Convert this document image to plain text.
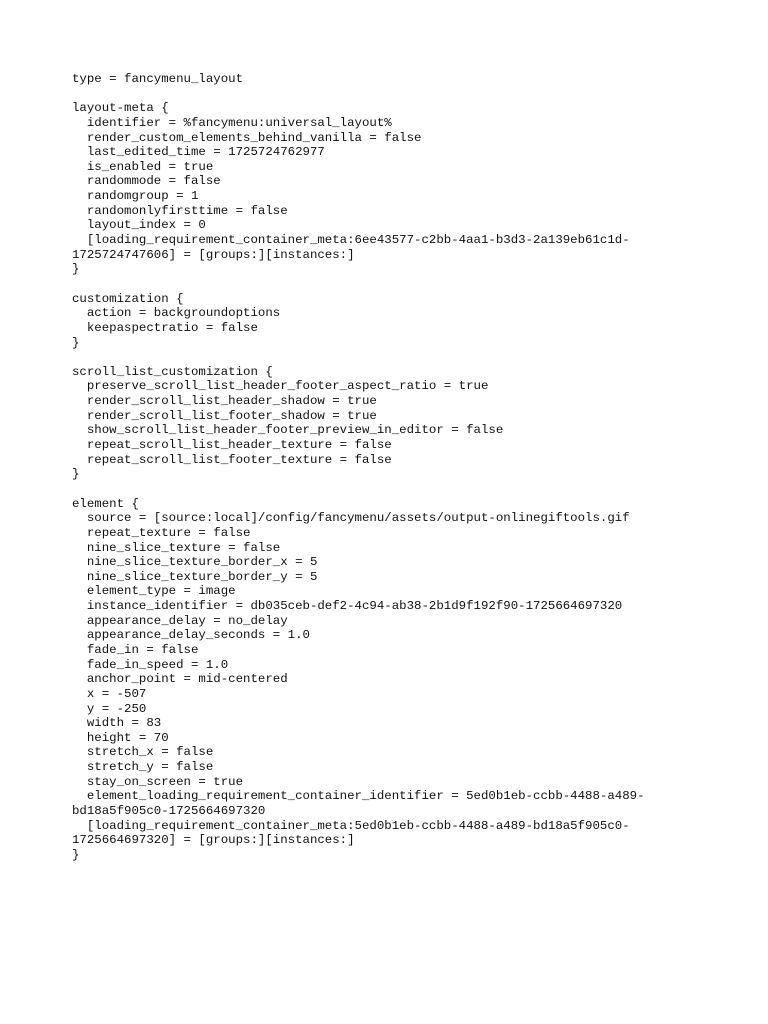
type = fancymenu_layout
layout-meta {
identifier = %fancymenu:universal_layout%
render_custom_elements_behind_vanilla = false
last_edited_time = 1725724762977
is_enabled = true
randommode = false
randomgroup = 1
randomonlyfirsttime = false
layout_index = 0
[loading_requirement_container_meta:6ee43577-c2bb-4aa1-b3d3-2a139eb61c1d-
1725724747606] = [groups:][instances:]
}
customization {
action = backgroundoptions
keepaspectratio = false
}
scroll_list_customization {
preserve_scroll_list_header_footer_aspect_ratio = true
render_scroll_list_header_shadow = true
render_scroll_list_footer_shadow = true
show_scroll_list_header_footer_preview_in_editor = false
repeat_scroll_list_header_texture = false
repeat_scroll_list_footer_texture = false
}
element {
source = [source:local]/config/fancymenu/assets/output-onlinegiftools.gif
repeat_texture = false
nine_slice_texture = false
nine_slice_texture_border_x = 5
nine_slice_texture_border_y = 5
element_type = image
instance_identifier = db035ceb-def2-4c94-ab38-2b1d9f192f90-1725664697320
appearance_delay = no_delay
appearance_delay_seconds = 1.0
fade_in = false
fade_in_speed = 1.0
anchor_point = mid-centered
x = -507
y = -250
width = 83
height = 70
stretch_x = false
stretch_y = false
stay_on_screen = true
element_loading_requirement_container_identifier = 5ed0b1eb-ccbb-4488-a489-
bd18a5f905c0-1725664697320
[loading_requirement_container_meta:5ed0b1eb-ccbb-4488-a489-bd18a5f905c0-
1725664697320] = [groups:][instances:]
}
